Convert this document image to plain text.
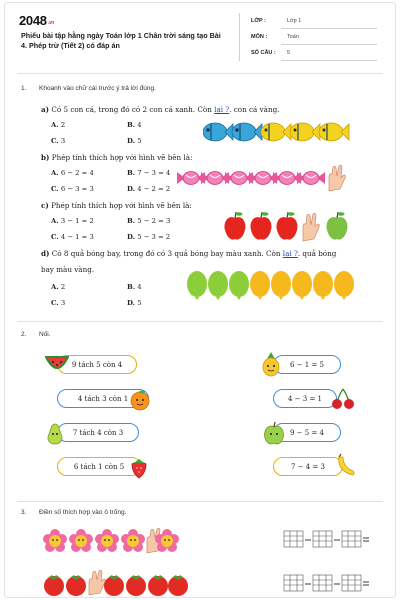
2048.vn
Phiếu bài tập hằng ngày Toán lớp 1 Chân trời sáng tạo Bài 4. Phép trừ (Tiết 2) có đáp án
LỚP :	Lớp 1
MÔN :	Toán
SỐ CÂU : 5
1. Khoanh vào chữ cái trước ý trả lời đúng.
a) Có 5 con cá, trong đó có 2 con cá xanh. Còn lại ?. con cá vàng.
A. 2	B. 4
C. 3	D. 5
b) Phép tính thích hợp với hình vẽ bên là:
A. 6 − 2 = 4	B. 7 − 3 = 4
C. 6 − 3 = 3	D. 4 − 2 = 2
c) Phép tính thích hợp với hình vẽ bên là:
A. 3 − 1 = 2	B. 5 − 2 = 3
C. 4 − 1 = 3	D. 5 − 3 = 2
d) Có 8 quả bóng bay, trong đó có 3 quả bóng bay màu xanh. Còn lại ?. quả bóng
bay màu vàng.
A. 2	B. 4
C. 3	D. 5
2. Nối.
9 tách 5 còn 4
4 tách 3 còn 1
7 tách 4 còn 3
6 tách 1 còn 5
6 − 1 = 5
4 − 3 = 1
9 − 5 = 4
7 − 4 = 3
3. Điền số thích hợp vào ô trống.
